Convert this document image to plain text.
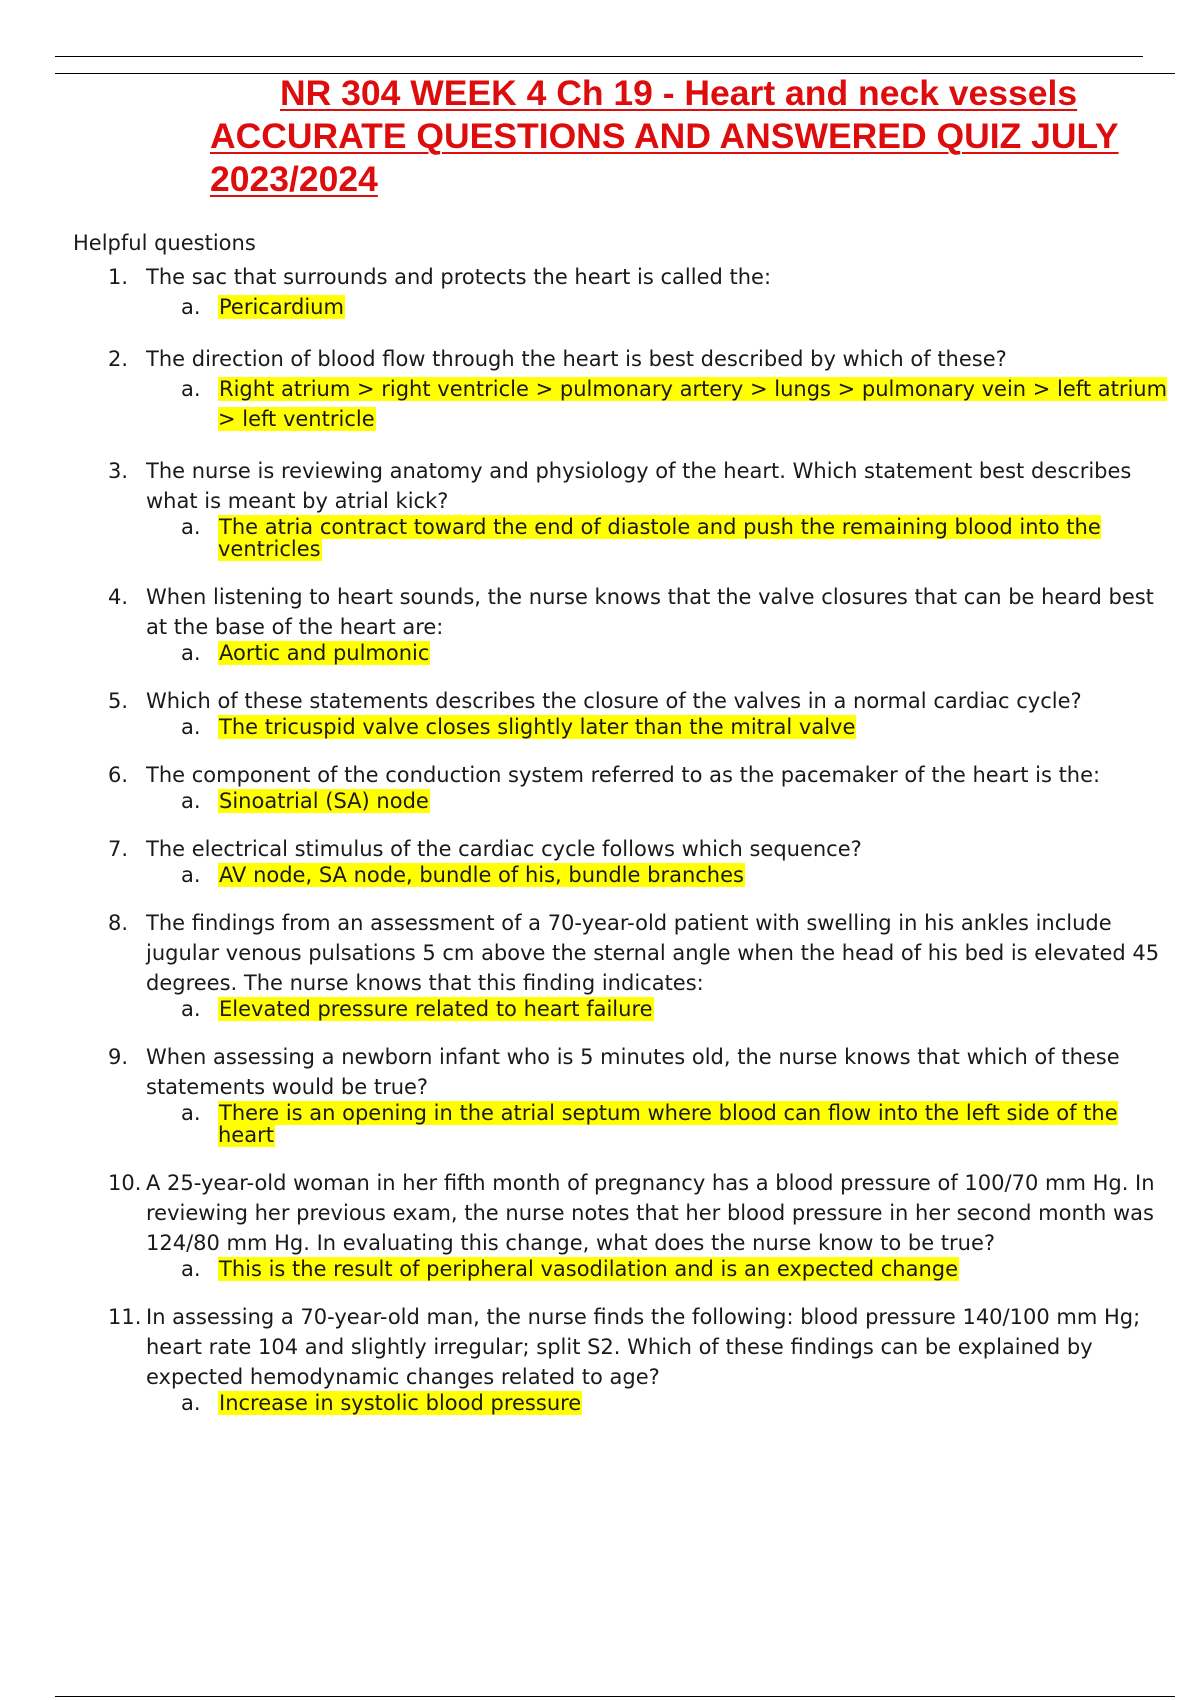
NR 304 WEEK 4 Ch 19 - Heart and neck vessels
ACCURATE QUESTIONS AND ANSWERED QUIZ JULY
2023/2024

Helpful questions

1. The sac that surrounds and protects the heart is called the:
a. Pericardium
2. The direction of blood flow through the heart is best described by which of these?
a. Right atrium > right ventricle > pulmonary artery > lungs > pulmonary vein > left atrium > left ventricle
3. The nurse is reviewing anatomy and physiology of the heart. Which statement best describes what is meant by atrial kick?
a. The atria contract toward the end of diastole and push the remaining blood into the ventricles
4. When listening to heart sounds, the nurse knows that the valve closures that can be heard best at the base of the heart are:
a. Aortic and pulmonic
5. Which of these statements describes the closure of the valves in a normal cardiac cycle?
a. The tricuspid valve closes slightly later than the mitral valve
6. The component of the conduction system referred to as the pacemaker of the heart is the:
a. Sinoatrial (SA) node
7. The electrical stimulus of the cardiac cycle follows which sequence?
a. AV node, SA node, bundle of his, bundle branches
8. The findings from an assessment of a 70-year-old patient with swelling in his ankles include jugular venous pulsations 5 cm above the sternal angle when the head of his bed is elevated 45 degrees. The nurse knows that this finding indicates:
a. Elevated pressure related to heart failure
9. When assessing a newborn infant who is 5 minutes old, the nurse knows that which of these statements would be true?
a. There is an opening in the atrial septum where blood can flow into the left side of the heart
10. A 25-year-old woman in her fifth month of pregnancy has a blood pressure of 100/70 mm Hg. In reviewing her previous exam, the nurse notes that her blood pressure in her second month was 124/80 mm Hg. In evaluating this change, what does the nurse know to be true?
a. This is the result of peripheral vasodilation and is an expected change
11. In assessing a 70-year-old man, the nurse finds the following: blood pressure 140/100 mm Hg; heart rate 104 and slightly irregular; split S2. Which of these findings can be explained by expected hemodynamic changes related to age?
a. Increase in systolic blood pressure
